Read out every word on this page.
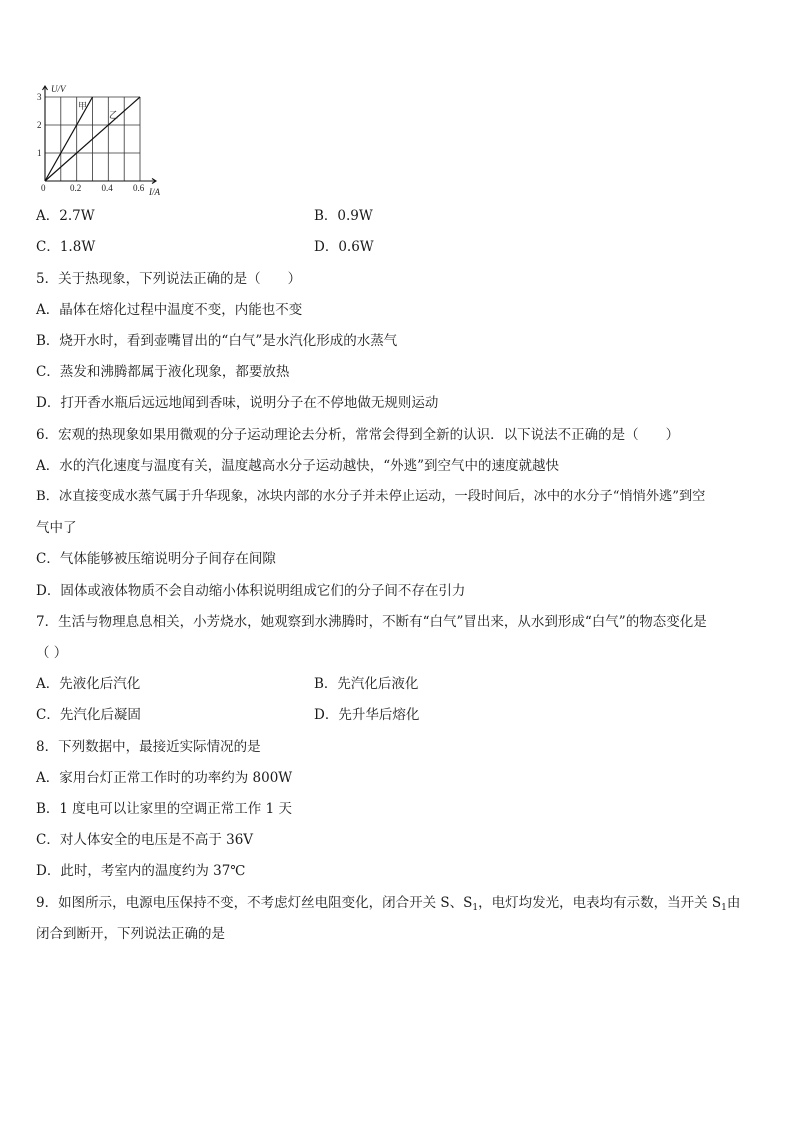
U/V
I/A
0
1
2
3
0.2 0.4 0.6
甲
乙
A．2.7W	B．0.9W
C．1.8W	D．0.6W
5．关于热现象，下列说法正确的是（　　）
A．晶体在熔化过程中温度不变，内能也不变
B．烧开水时，看到壶嘴冒出的“白气”是水汽化形成的水蒸气
C．蒸发和沸腾都属于液化现象，都要放热
D．打开香水瓶后远远地闻到香味，说明分子在不停地做无规则运动
6．宏观的热现象如果用微观的分子运动理论去分析，常常会得到全新的认识．以下说法不正确的是（　　）
A．水的汽化速度与温度有关，温度越高水分子运动越快，“外逃”到空气中的速度就越快
B．冰直接变成水蒸气属于升华现象，冰块内部的水分子并未停止运动，一段时间后，冰中的水分子“悄悄外逃”到空
气中了
C．气体能够被压缩说明分子间存在间隙
D．固体或液体物质不会自动缩小体积说明组成它们的分子间不存在引力
7．生活与物理息息相关，小芳烧水，她观察到水沸腾时，不断有“白气”冒出来，从水到形成“白气”的物态变化是
（ ）
A．先液化后汽化	B．先汽化后液化
C．先汽化后凝固	D．先升华后熔化
8．下列数据中，最接近实际情况的是
A．家用台灯正常工作时的功率约为 800W
B．1 度电可以让家里的空调正常工作 1 天
C．对人体安全的电压是不高于 36V
D．此时，考室内的温度约为 37℃
9．如图所示，电源电压保持不变，不考虑灯丝电阻变化，闭合开关 S、$S_1$，电灯均发光，电表均有示数，当开关 $S_1$由
闭合到断开，下列说法正确的是
